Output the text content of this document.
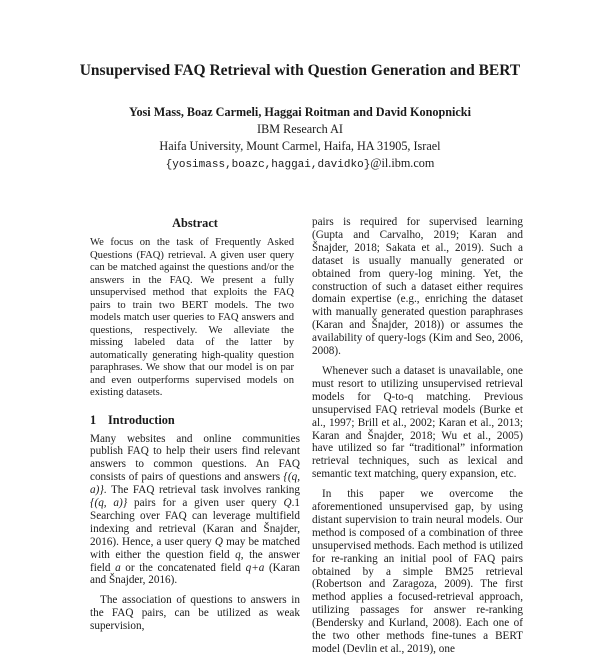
Unsupervised FAQ Retrieval with Question Generation and BERT
Yosi Mass, Boaz Carmeli, Haggai Roitman and David Konopnicki
IBM Research AI
Haifa University, Mount Carmel, Haifa, HA 31905, Israel
{yosimass,boazc,haggai,davidko}@il.ibm.com
Abstract

We focus on the task of Frequently Asked Questions (FAQ) retrieval. A given user query can be matched against the questions and/or the answers in the FAQ. We present a fully unsupervised method that exploits the FAQ pairs to train two BERT models. The two models match user queries to FAQ answers and questions, respectively. We alleviate the missing labeled data of the latter by automatically generating high-quality question paraphrases. We show that our model is on par and even outperforms supervised models on existing datasets.

1 Introduction

Many websites and online communities publish FAQ to help their users find relevant answers to common questions. An FAQ consists of pairs of questions and answers {(q, a)}. The FAQ retrieval task involves ranking {(q, a)} pairs for a given user query Q.1 Searching over FAQ can leverage multifield indexing and retrieval (Karan and Šnajder, 2016). Hence, a user query Q may be matched with either the question field q, the answer field a or the concatenated field q+a (Karan and Šnajder, 2016).

The association of questions to answers in the FAQ pairs, can be utilized as weak supervision,

pairs is required for supervised learning (Gupta and Carvalho, 2019; Karan and Šnajder, 2018; Sakata et al., 2019). Such a dataset is usually manually generated or obtained from query-log mining. Yet, the construction of such a dataset either requires domain expertise (e.g., enriching the dataset with manually generated question paraphrases (Karan and Šnajder, 2018)) or assumes the availability of query-logs (Kim and Seo, 2006, 2008).

Whenever such a dataset is unavailable, one must resort to utilizing unsupervised retrieval models for Q-to-q matching. Previous unsupervised FAQ retrieval models (Burke et al., 1997; Brill et al., 2002; Karan et al., 2013; Karan and Šnajder, 2018; Wu et al., 2005) have utilized so far “traditional” information retrieval techniques, such as lexical and semantic text matching, query expansion, etc.

In this paper we overcome the aforementioned unsupervised gap, by using distant supervision to train neural models. Our method is composed of a combination of three unsupervised methods. Each method is utilized for re-ranking an initial pool of FAQ pairs obtained by a simple BM25 retrieval (Robertson and Zaragoza, 2009). The first method applies a focused-retrieval approach, utilizing passages for answer re-ranking (Bendersky and Kurland, 2008). Each one of the two other methods fine-tunes a BERT model (Devlin et al., 2019), one
